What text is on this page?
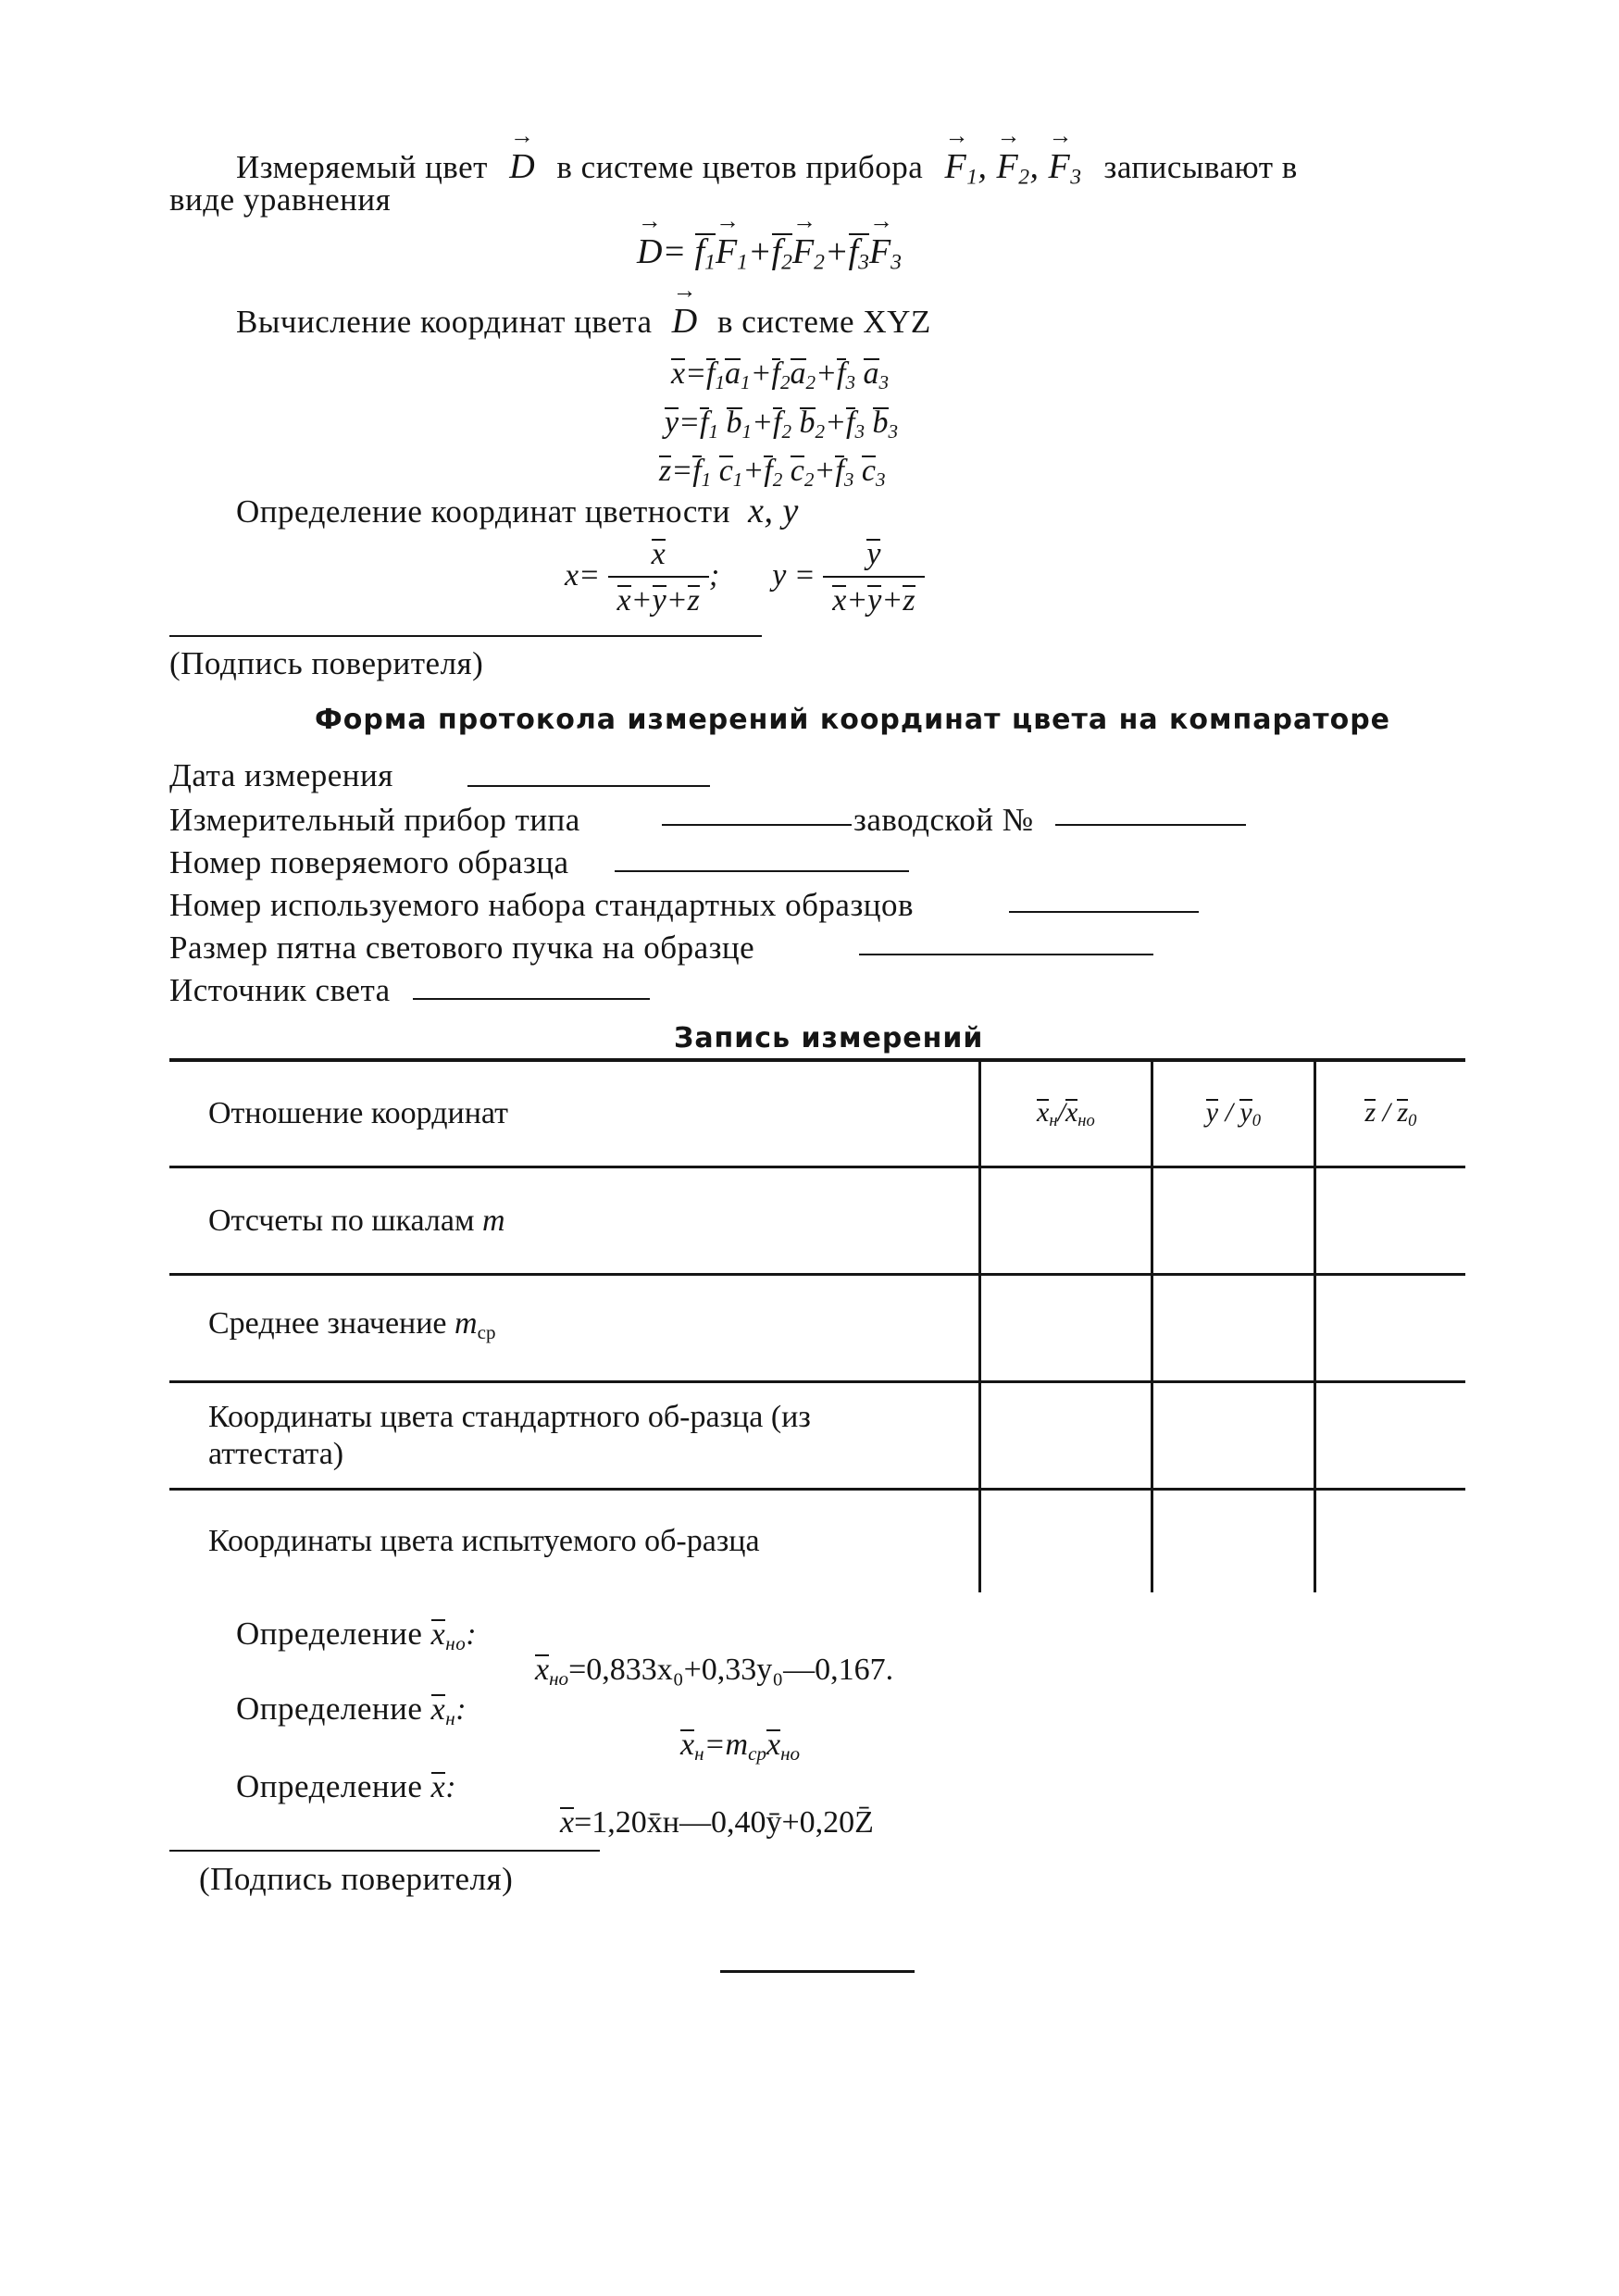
Измеряемый цвет → D в системе цветов прибора → $F_1$, → $F_2$, → $F_3$ записывают в
виде уравнения
→ $D= f_1\to F_1+f_2\to F_2+f_3\to F_3$
Вычисление координат цвета → D в системе XYZ
$x=f_1a_1+f_2a_2+f_3$ $a_3$
$y=f_1$ $b_1+f_2$ $b_2+f_3$ $b_3$
$z=f_1$ $c_1+f_2$ $c_2+f_3$ $c_3$
Определение координат цветности x, y
$x= \frac{x}{x+y+z}$ ;  $y = \frac{y}{x+y+z}$
(Подпись поверителя)
Форма протокола измерений координат цвета на компараторе
Дата измерения
Измерительный прибор типа	заводской №
Номер поверяемого образца
Номер используемого набора стандартных образцов
Размер пятна светового пучка на образце
Источник света
Запись измерений
Отношение координат	$x_н/x_{но}$	y / $y_0$	z / $z_0$
Отсчеты по шкалам m			
Среднее значение $m_{ср}$			
Координаты цвета стандартного об-разца (из аттестата)			
Координаты цвета испытуемого об-разца			
Определение $x_{но}$:
$x_{но}=0,833x_0+0,33y_0—0,167$.
Определение $x_н$:
$x_н=m_{ср}x_{но}$
Определение x:
x=1,20x̄н—0,40ȳ+0,20Z̄
(Подпись поверителя)
